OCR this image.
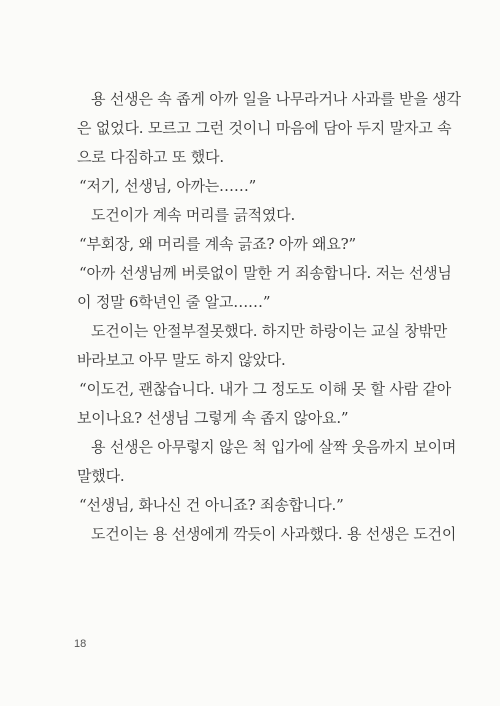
용 선생은 속 좁게 아까 일을 나무라거나 사과를 받을 생각
은 없었다. 모르고 그런 것이니 마음에 담아 두지 말자고 속
으로 다짐하고 또 했다.
“저기, 선생님, 아까는……”
도건이가 계속 머리를 긁적였다.
“부회장, 왜 머리를 계속 긁죠? 아까 왜요?”
“아까 선생님께 버릇없이 말한 거 죄송합니다. 저는 선생님
이 정말 6학년인 줄 알고……”
도건이는 안절부절못했다. 하지만 하랑이는 교실 창밖만
바라보고 아무 말도 하지 않았다.
“이도건, 괜찮습니다. 내가 그 정도도 이해 못 할 사람 같아
보이나요? 선생님 그렇게 속 좁지 않아요.”
용 선생은 아무렇지 않은 척 입가에 살짝 웃음까지 보이며
말했다.
“선생님, 화나신 건 아니죠? 죄송합니다.”
도건이는 용 선생에게 깍듯이 사과했다. 용 선생은 도건이
18
